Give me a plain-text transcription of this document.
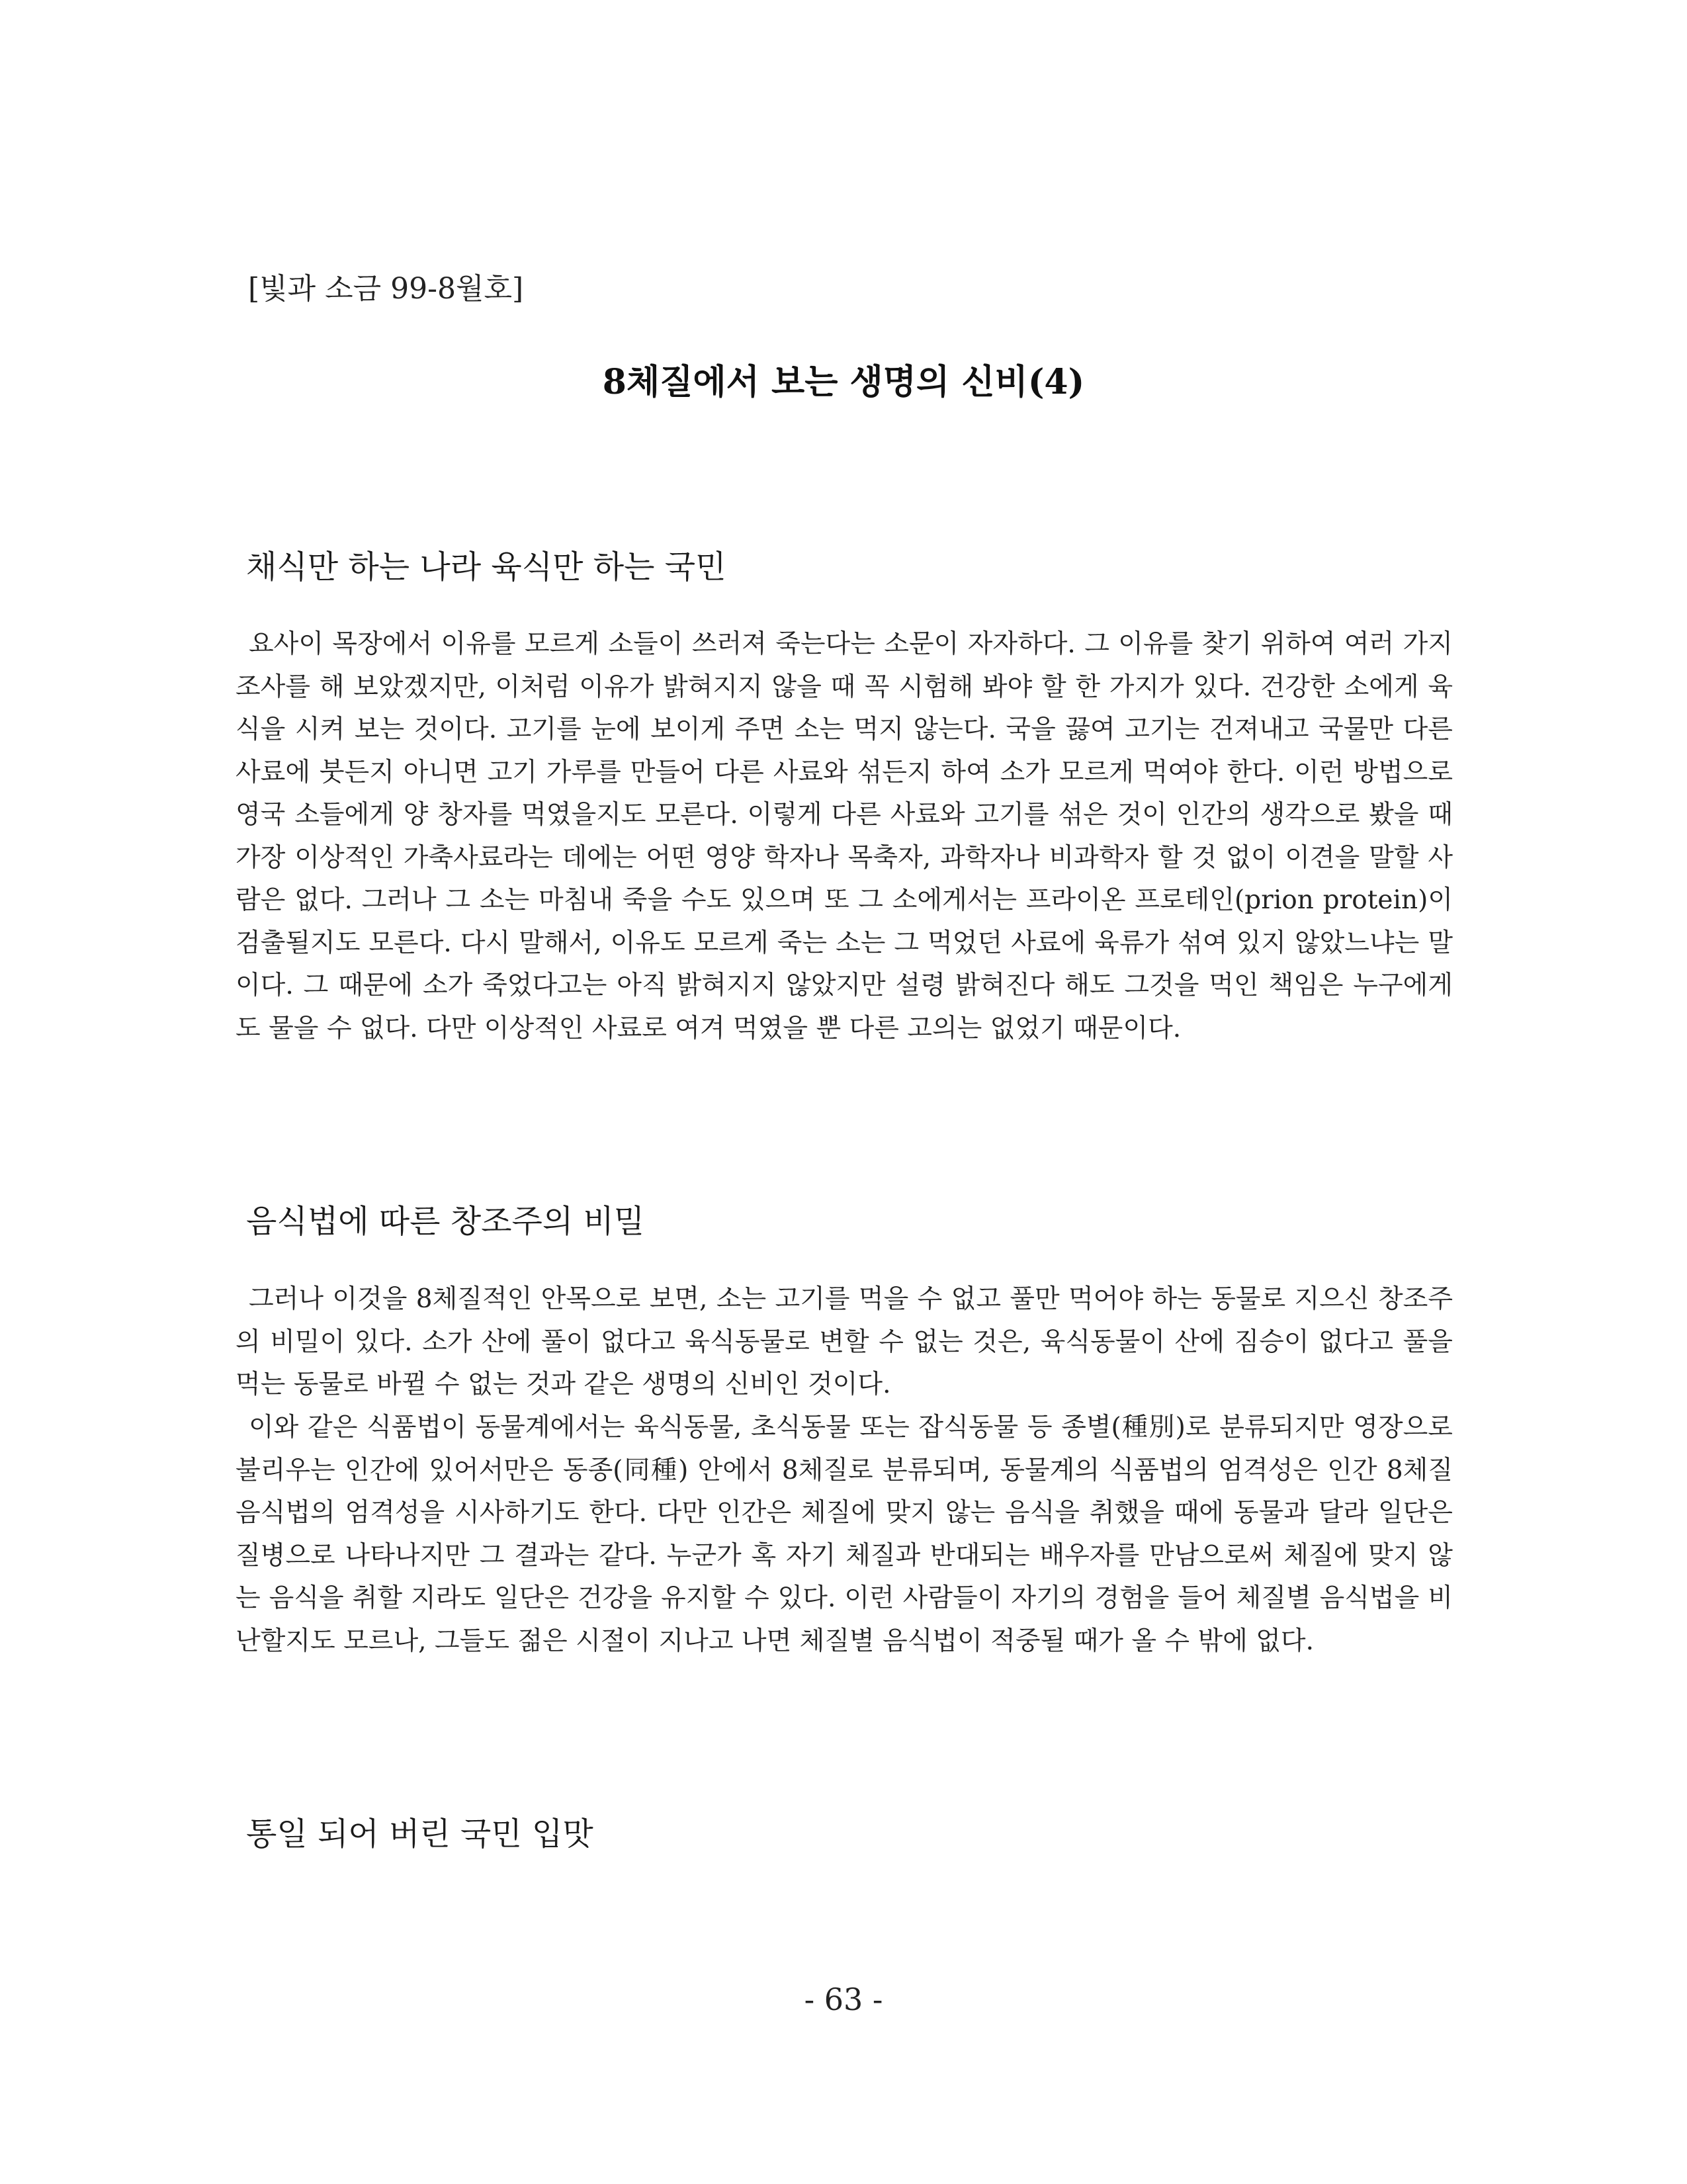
[빛과 소금 99-8월호]
8체질에서 보는 생명의 신비(4)
채식만 하는 나라 육식만 하는 국민
요사이 목장에서 이유를 모르게 소들이 쓰러져 죽는다는 소문이 자자하다. 그 이유를 찾기 위하여 여러 가지 조사를 해 보았겠지만, 이처럼 이유가 밝혀지지 않을 때 꼭 시험해 봐야 할 한 가지가 있다. 건강한 소에게 육식을 시켜 보는 것이다. 고기를 눈에 보이게 주면 소는 먹지 않는다. 국을 끓여 고기는 건져내고 국물만 다른 사료에 붓든지 아니면 고기 가루를 만들어 다른 사료와 섞든지 하여 소가 모르게 먹여야 한다. 이런 방법으로 영국 소들에게 양 창자를 먹였을지도 모른다. 이렇게 다른 사료와 고기를 섞은 것이 인간의 생각으로 봤을 때 가장 이상적인 가축사료라는 데에는 어떤 영양 학자나 목축자, 과학자나 비과학자 할 것 없이 이견을 말할 사람은 없다. 그러나 그 소는 마침내 죽을 수도 있으며 또 그 소에게서는 프라이온 프로테인(prion protein)이 검출될지도 모른다. 다시 말해서, 이유도 모르게 죽는 소는 그 먹었던 사료에 육류가 섞여 있지 않았느냐는 말이다. 그 때문에 소가 죽었다고는 아직 밝혀지지 않았지만 설령 밝혀진다 해도 그것을 먹인 책임은 누구에게도 물을 수 없다. 다만 이상적인 사료로 여겨 먹였을 뿐 다른 고의는 없었기 때문이다.
음식법에 따른 창조주의 비밀
그러나 이것을 8체질적인 안목으로 보면, 소는 고기를 먹을 수 없고 풀만 먹어야 하는 동물로 지으신 창조주의 비밀이 있다. 소가 산에 풀이 없다고 육식동물로 변할 수 없는 것은, 육식동물이 산에 짐승이 없다고 풀을 먹는 동물로 바뀔 수 없는 것과 같은 생명의 신비인 것이다.
이와 같은 식품법이 동물계에서는 육식동물, 초식동물 또는 잡식동물 등 종별(種別)로 분류되지만 영장으로 불리우는 인간에 있어서만은 동종(同種) 안에서 8체질로 분류되며, 동물계의 식품법의 엄격성은 인간 8체질 음식법의 엄격성을 시사하기도 한다. 다만 인간은 체질에 맞지 않는 음식을 취했을 때에 동물과 달라 일단은 질병으로 나타나지만 그 결과는 같다. 누군가 혹 자기 체질과 반대되는 배우자를 만남으로써 체질에 맞지 않는 음식을 취할 지라도 일단은 건강을 유지할 수 있다. 이런 사람들이 자기의 경험을 들어 체질별 음식법을 비난할지도 모르나, 그들도 젊은 시절이 지나고 나면 체질별 음식법이 적중될 때가 올 수 밖에 없다.
통일 되어 버린 국민 입맛
- 63 -
